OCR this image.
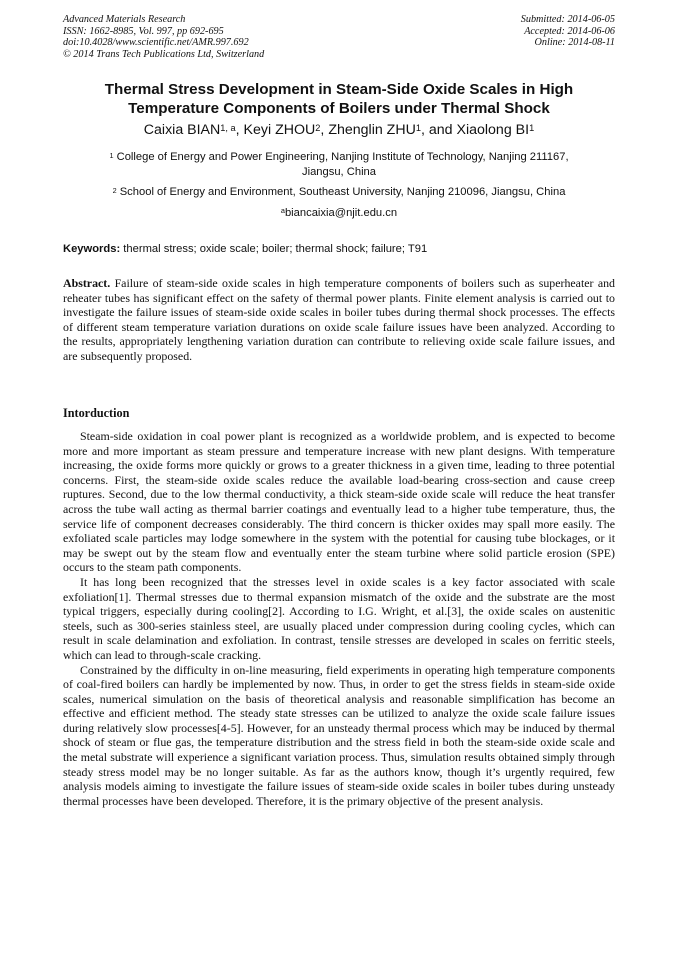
Advanced Materials Research
ISSN: 1662-8985, Vol. 997, pp 692-695
doi:10.4028/www.scientific.net/AMR.997.692
© 2014 Trans Tech Publications Ltd, Switzerland
Submitted: 2014-06-05
Accepted: 2014-06-06
Online: 2014-08-11
Thermal Stress Development in Steam-Side Oxide Scales in High
Temperature Components of Boilers under Thermal Shock
Caixia BIAN$^{1, a}$, Keyi ZHOU$^2$, Zhenglin ZHU$^1$, and Xiaolong $BI^1$
$^1$ College of Energy and Power Engineering, Nanjing Institute of Technology, Nanjing 211167,
Jiangsu, China
$^2$ School of Energy and Environment, Southeast University, Nanjing 210096, Jiangsu, China
$^a$biancaixia@njit.edu.cn
Keywords: thermal stress; oxide scale; boiler; thermal shock; failure; T91
Abstract. Failure of steam-side oxide scales in high temperature components of boilers such as superheater and reheater tubes has significant effect on the safety of thermal power plants. Finite element analysis is carried out to investigate the failure issues of steam-side oxide scales in boiler tubes during thermal shock processes. The effects of different steam temperature variation durations on oxide scale failure issues have been analyzed. According to the results, appropriately lengthening variation duration can contribute to relieving oxide scale failure issues, and are subsequently proposed.
Intorduction

Steam-side oxidation in coal power plant is recognized as a worldwide problem, and is expected to become more and more important as steam pressure and temperature increase with new plant designs. With temperature increasing, the oxide forms more quickly or grows to a greater thickness in a given time, leading to three potential concerns. First, the steam-side oxide scales reduce the available load-bearing cross-section and cause creep ruptures. Second, due to the low thermal conductivity, a thick steam-side oxide scale will reduce the heat transfer across the tube wall acting as thermal barrier coatings and eventually lead to a higher tube temperature, thus, the service life of component decreases considerably. The third concern is thicker oxides may spall more easily. The exfoliated scale particles may lodge somewhere in the system with the potential for causing tube blockages, or it may be swept out by the steam flow and eventually enter the steam turbine where solid particle erosion (SPE) occurs to the steam path components.

It has long been recognized that the stresses level in oxide scales is a key factor associated with scale exfoliation[1]. Thermal stresses due to thermal expansion mismatch of the oxide and the substrate are the most typical triggers, especially during cooling[2]. According to I.G. Wright, et al.[3], the oxide scales on austenitic steels, such as 300-series stainless steel, are usually placed under compression during cooling cycles, which can result in scale delamination and exfoliation. In contrast, tensile stresses are developed in scales on ferritic steels, which can lead to through-scale cracking.

Constrained by the difficulty in on-line measuring, field experiments in operating high temperature components of coal-fired boilers can hardly be implemented by now. Thus, in order to get the stress fields in steam-side oxide scales, numerical simulation on the basis of theoretical analysis and reasonable simplification has become an effective and efficient method. The steady state stresses can be utilized to analyze the oxide scale failure issues during relatively slow processes[4-5]. However, for an unsteady thermal process which may be induced by thermal shock of steam or flue gas, the temperature distribution and the stress field in both the steam-side oxide scale and the metal substrate will experience a significant variation process. Thus, simulation results obtained simply through steady stress model may be no longer suitable. As far as the authors know, though it’s urgently required, few analysis models aiming to investigate the failure issues of steam-side oxide scales in boiler tubes during unsteady thermal processes have been developed. Therefore, it is the primary objective of the present analysis.
